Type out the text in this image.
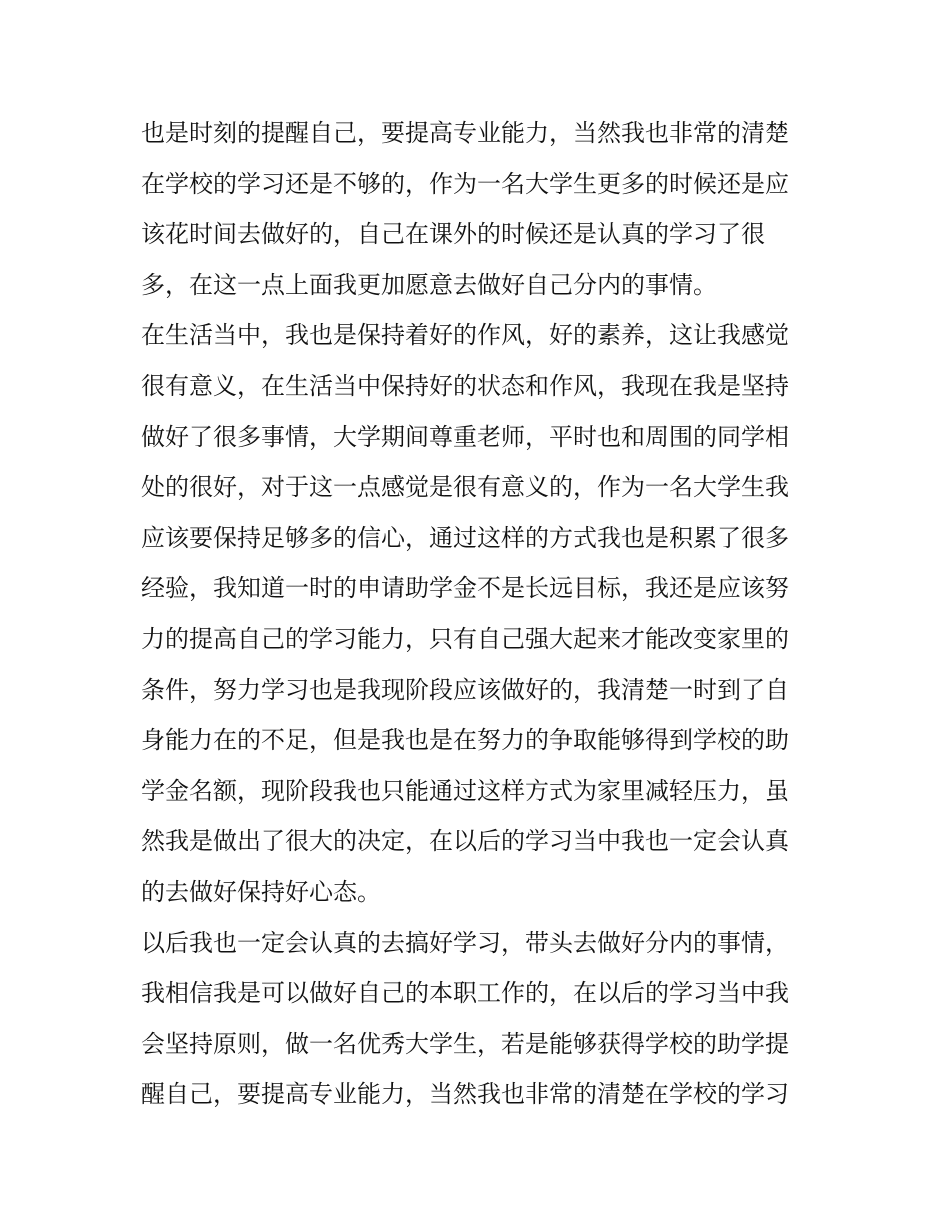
也是时刻的提醒自己，要提高专业能力，当然我也非常的清楚
在学校的学习还是不够的，作为一名大学生更多的时候还是应
该花时间去做好的，自己在课外的时候还是认真的学习了很
多，在这一点上面我更加愿意去做好自己分内的事情。
在生活当中，我也是保持着好的作风，好的素养，这让我感觉
很有意义，在生活当中保持好的状态和作风，我现在我是坚持
做好了很多事情，大学期间尊重老师，平时也和周围的同学相
处的很好，对于这一点感觉是很有意义的，作为一名大学生我
应该要保持足够多的信心，通过这样的方式我也是积累了很多
经验，我知道一时的申请助学金不是长远目标，我还是应该努
力的提高自己的学习能力，只有自己强大起来才能改变家里的
条件，努力学习也是我现阶段应该做好的，我清楚一时到了自
身能力在的不足，但是我也是在努力的争取能够得到学校的助
学金名额，现阶段我也只能通过这样方式为家里减轻压力，虽
然我是做出了很大的决定，在以后的学习当中我也一定会认真
的去做好保持好心态。
以后我也一定会认真的去搞好学习，带头去做好分内的事情，
我相信我是可以做好自己的本职工作的，在以后的学习当中我
会坚持原则，做一名优秀大学生，若是能够获得学校的助学提
醒自己，要提高专业能力，当然我也非常的清楚在学校的学习
